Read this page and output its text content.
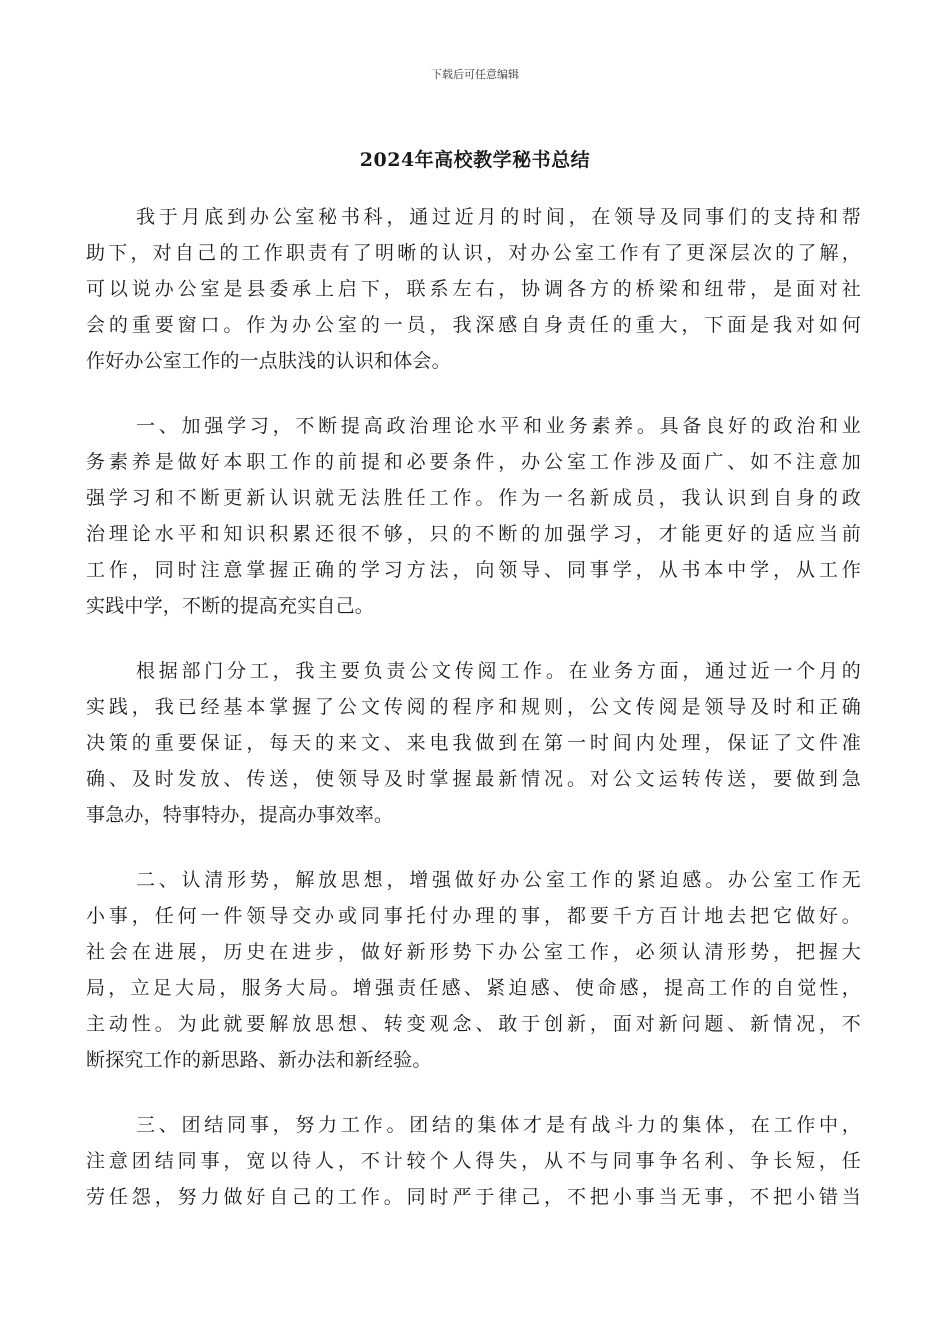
下载后可任意编辑
2024年高校教学秘书总结
我于月底到办公室秘书科，通过近月的时间，在领导及同事们的支持和帮
助下，对自己的工作职责有了明晰的认识，对办公室工作有了更深层次的了解，
可以说办公室是县委承上启下，联系左右，协调各方的桥梁和纽带，是面对社
会的重要窗口。作为办公室的一员，我深感自身责任的重大，下面是我对如何
作好办公室工作的一点肤浅的认识和体会。
一、加强学习，不断提高政治理论水平和业务素养。具备良好的政治和业
务素养是做好本职工作的前提和必要条件，办公室工作涉及面广、如不注意加
强学习和不断更新认识就无法胜任工作。作为一名新成员，我认识到自身的政
治理论水平和知识积累还很不够，只的不断的加强学习，才能更好的适应当前
工作，同时注意掌握正确的学习方法，向领导、同事学，从书本中学，从工作
实践中学，不断的提高充实自己。
根据部门分工，我主要负责公文传阅工作。在业务方面，通过近一个月的
实践，我已经基本掌握了公文传阅的程序和规则，公文传阅是领导及时和正确
决策的重要保证，每天的来文、来电我做到在第一时间内处理，保证了文件准
确、及时发放、传送，使领导及时掌握最新情况。对公文运转传送，要做到急
事急办，特事特办，提高办事效率。
二、认清形势，解放思想，增强做好办公室工作的紧迫感。办公室工作无
小事，任何一件领导交办或同事托付办理的事，都要千方百计地去把它做好。
社会在进展，历史在进步，做好新形势下办公室工作，必须认清形势，把握大
局，立足大局，服务大局。增强责任感、紧迫感、使命感，提高工作的自觉性，
主动性。为此就要解放思想、转变观念、敢于创新，面对新问题、新情况，不
断探究工作的新思路、新办法和新经验。
三、团结同事，努力工作。团结的集体才是有战斗力的集体，在工作中，
注意团结同事，宽以待人，不计较个人得失，从不与同事争名利、争长短，任
劳任怨，努力做好自己的工作。同时严于律己，不把小事当无事，不把小错当
